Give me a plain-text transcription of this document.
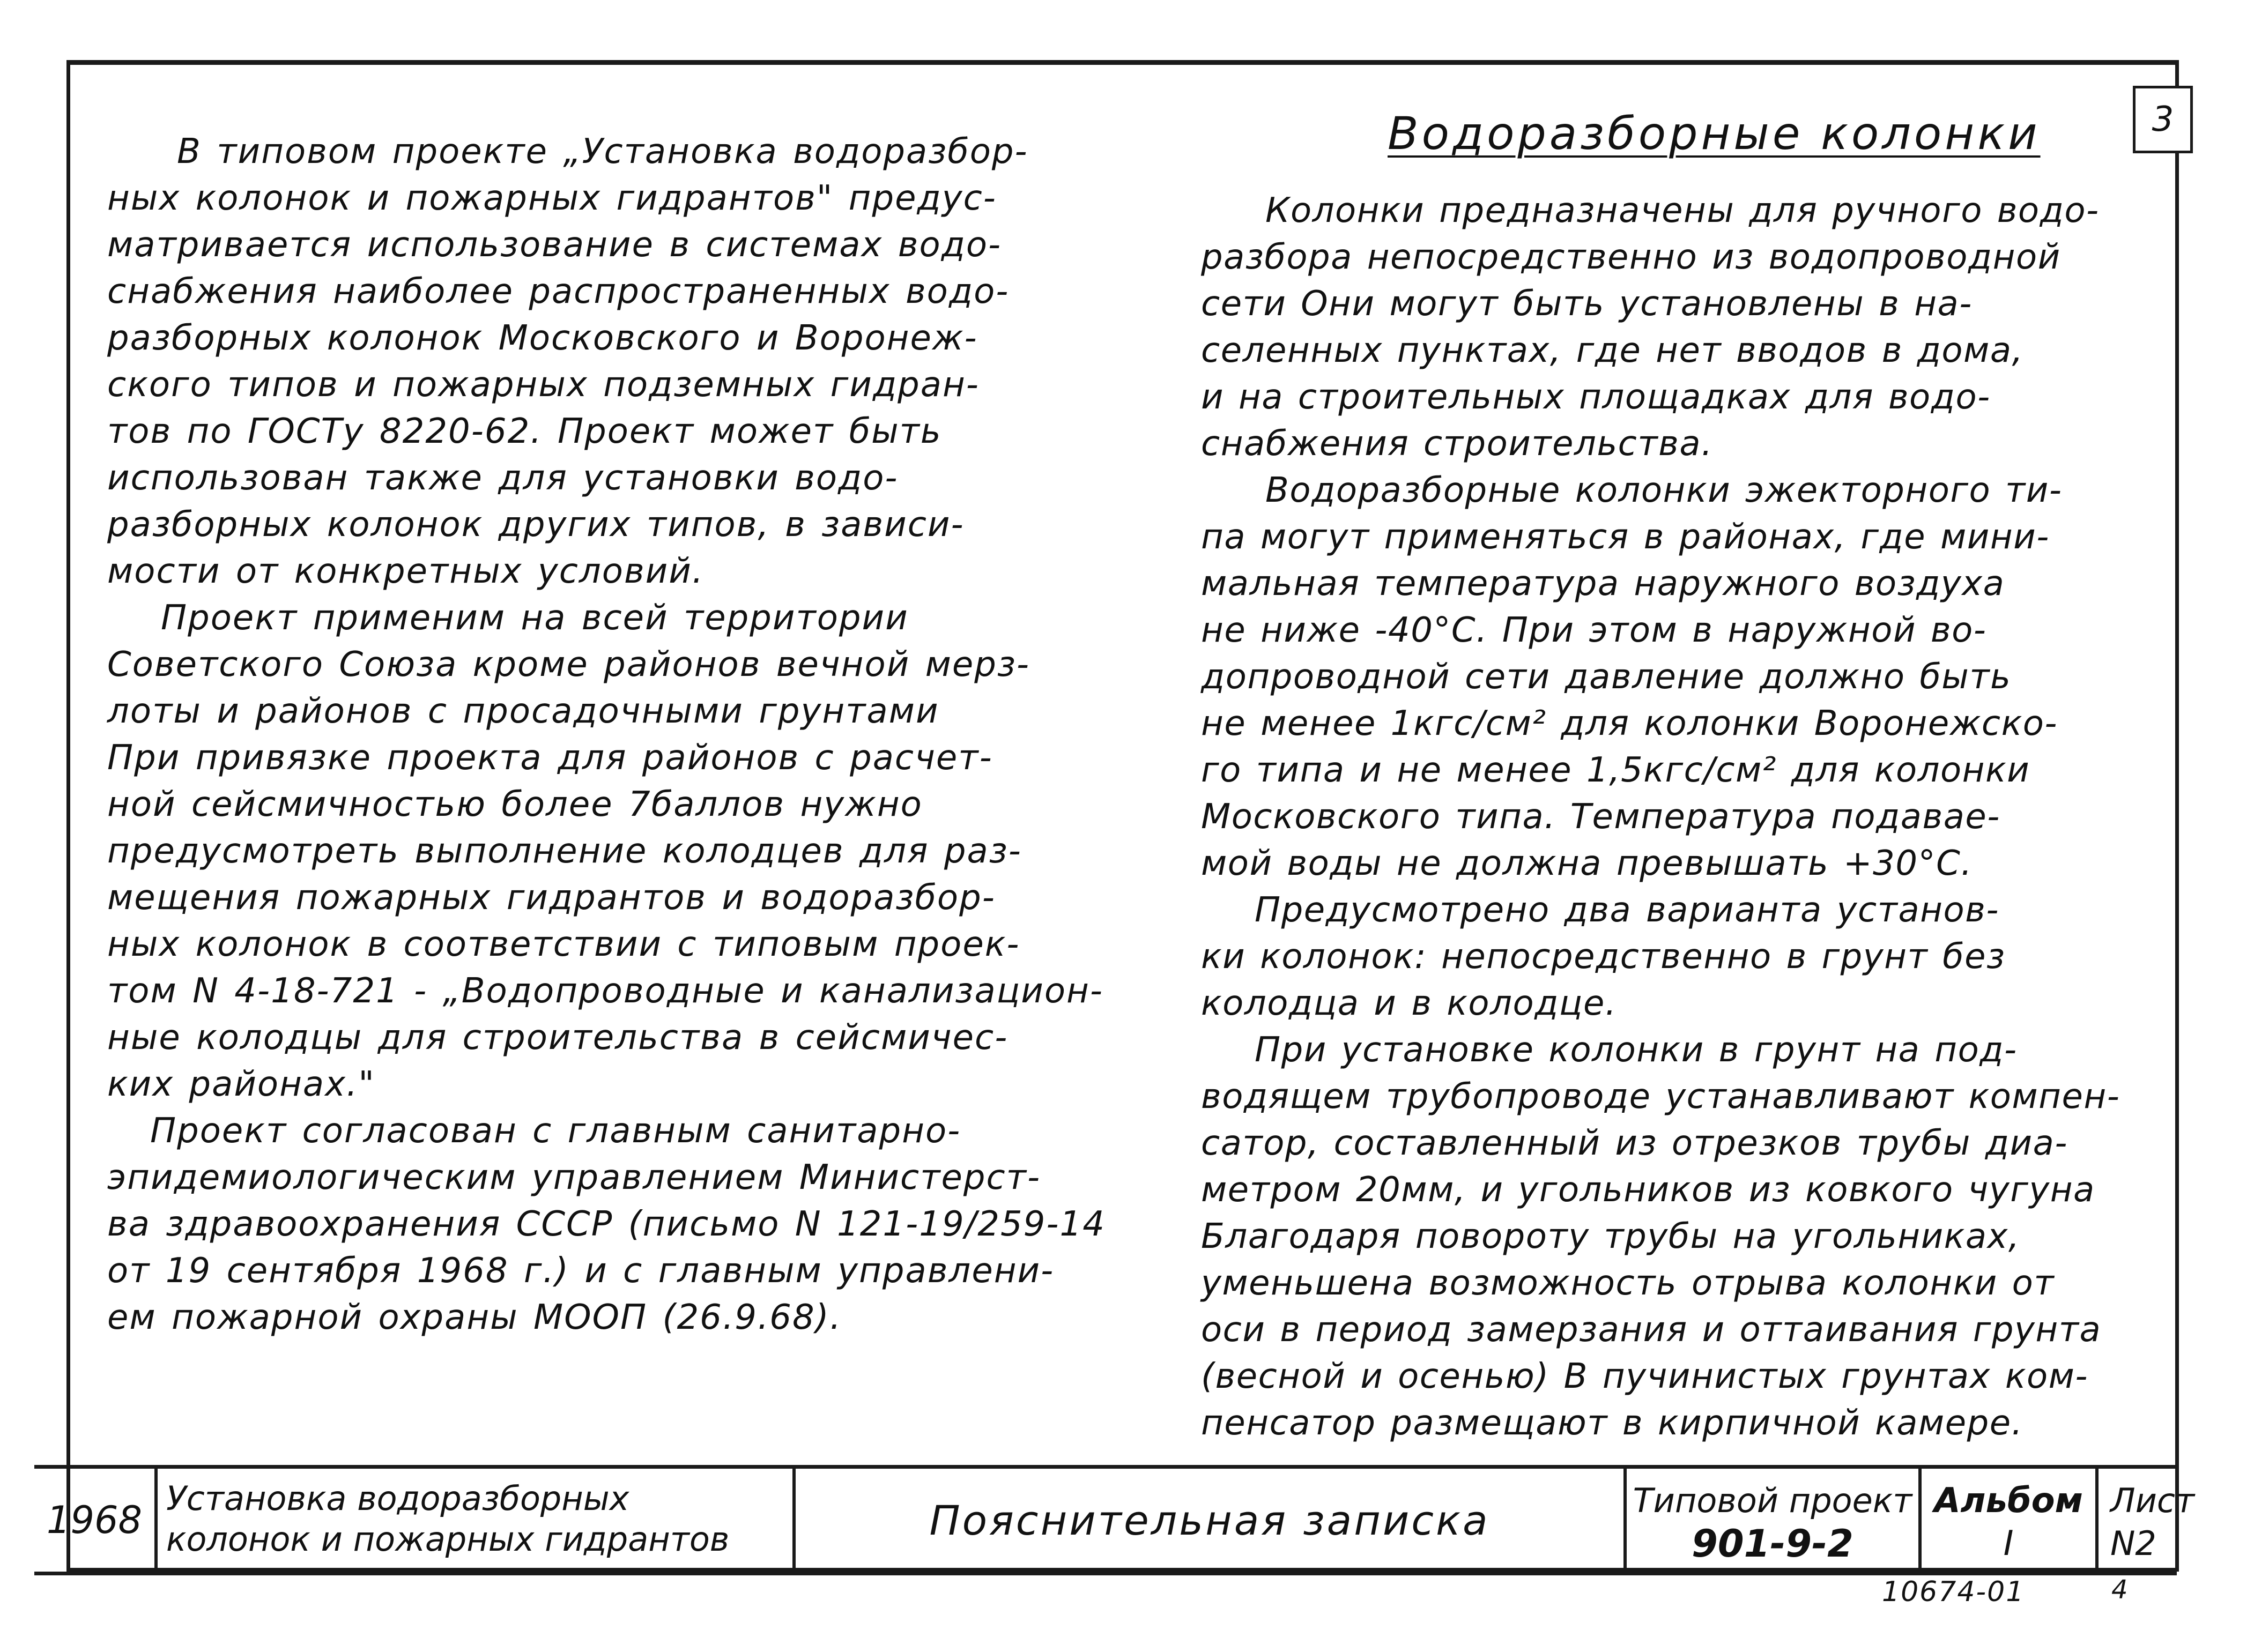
3
В типовом проекте „Установка водоразбор-
ных колонок и пожарных гидрантов" предус-
матривается использование в системах водо-
снабжения наиболее распространенных водо-
разборных колонок Московского и Воронеж-
ского типов и пожарных подземных гидран-
тов по ГОСТу 8220-62. Проект может быть
использован также для установки водо-
разборных колонок других типов, в зависи-
мости от конкретных условий.
Проект применим на всей территории
Советского Союза кроме районов вечной мерз-
лоты и районов с просадочными грунтами
При привязке проекта для районов с расчет-
ной сейсмичностью более 7баллов нужно
предусмотреть выполнение колодцев для раз-
мещения пожарных гидрантов и водоразбор-
ных колонок в соответствии с типовым проек-
том N 4-18-721 - „Водопроводные и канализацион-
ные колодцы для строительства в сейсмичес-
ких районах."
Проект согласован с главным санитарно-
эпидемиологическим управлением Министерст-
ва здравоохранения СССР (письмо N 121-19/259-14
от 19 сентября 1968 г.) и с главным управлени-
ем пожарной охраны МООП (26.9.68).
Водоразборные колонки
Колонки предназначены для ручного водо-
разбора непосредственно из водопроводной
сети Они могут быть установлены в на-
селенных пунктах, где нет вводов в дома,
и на строительных площадках для водо-
снабжения строительства.
Водоразборные колонки эжекторного ти-
па могут применяться в районах, где мини-
мальная температура наружного воздуха
не ниже -40°С. При этом в наружной во-
допроводной сети давление должно быть
не менее 1кгс/см² для колонки Воронежско-
го типа и не менее 1,5кгс/см² для колонки
Московского типа. Температура подавае-
мой воды не должна превышать +30°С.
Предусмотрено два варианта установ-
ки колонок: непосредственно в грунт без
колодца и в колодце.
При установке колонки в грунт на под-
водящем трубопроводе устанавливают компен-
сатор, составленный из отрезков трубы диа-
метром 20мм, и угольников из ковкого чугуна
Благодаря повороту трубы на угольниках,
уменьшена возможность отрыва колонки от
оси в период замерзания и оттаивания грунта
(весной и осенью) В пучинистых грунтах ком-
пенсатор размещают в кирпичной камере.
1968 Установка водоразборных
колонок и пожарных гидрантов	Пояснительная записка	Типовой проект
901-9-2
Альбом
I
Лист
N2
10674-01	4
